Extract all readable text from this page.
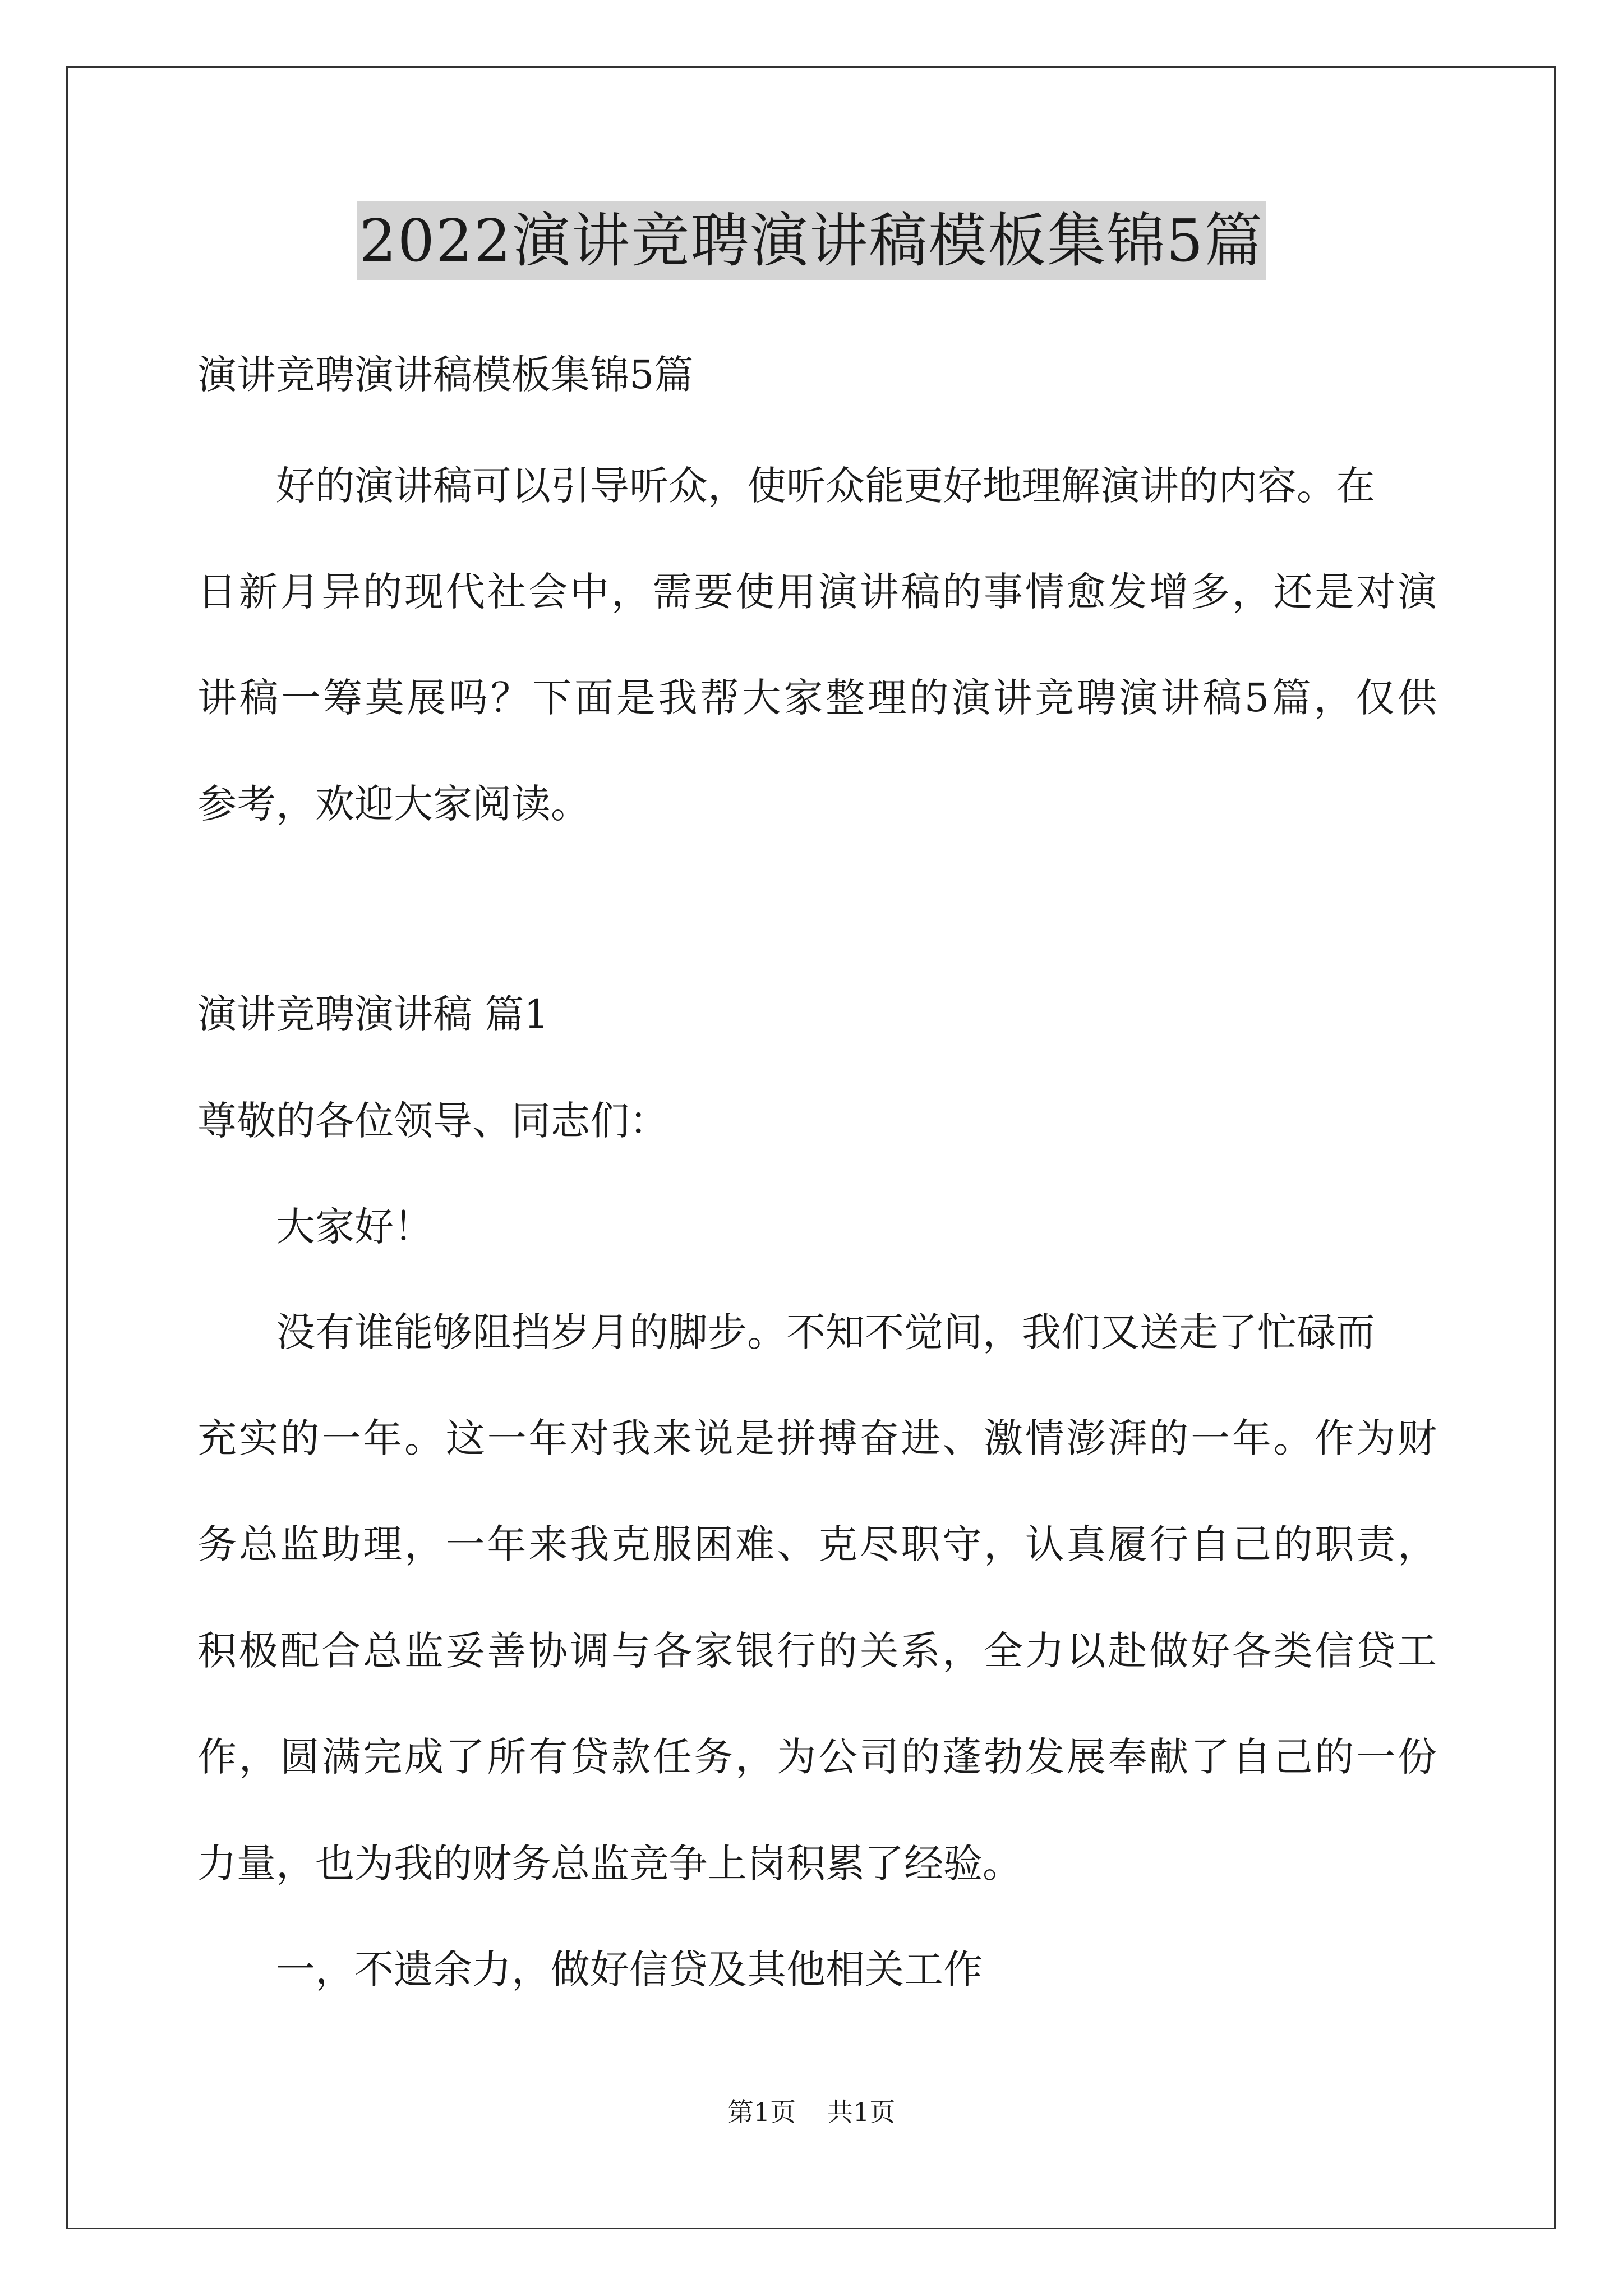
2022演讲竞聘演讲稿模板集锦5篇
演讲竞聘演讲稿模板集锦5篇
好的演讲稿可以引导听众，使听众能更好地理解演讲的内容。在
日新月异的现代社会中，需要使用演讲稿的事情愈发增多，还是对演
讲稿一筹莫展吗？下面是我帮大家整理的演讲竞聘演讲稿5篇，仅供
参考，欢迎大家阅读。
演讲竞聘演讲稿 篇1
尊敬的各位领导、同志们：
大家好！
没有谁能够阻挡岁月的脚步。不知不觉间，我们又送走了忙碌而
充实的一年。这一年对我来说是拼搏奋进、激情澎湃的一年。作为财
务总监助理，一年来我克服困难、克尽职守，认真履行自己的职责，
积极配合总监妥善协调与各家银行的关系，全力以赴做好各类信贷工
作，圆满完成了所有贷款任务，为公司的蓬勃发展奉献了自己的一份
力量，也为我的财务总监竞争上岗积累了经验。
一，不遗余力，做好信贷及其他相关工作
第1页 共1页
